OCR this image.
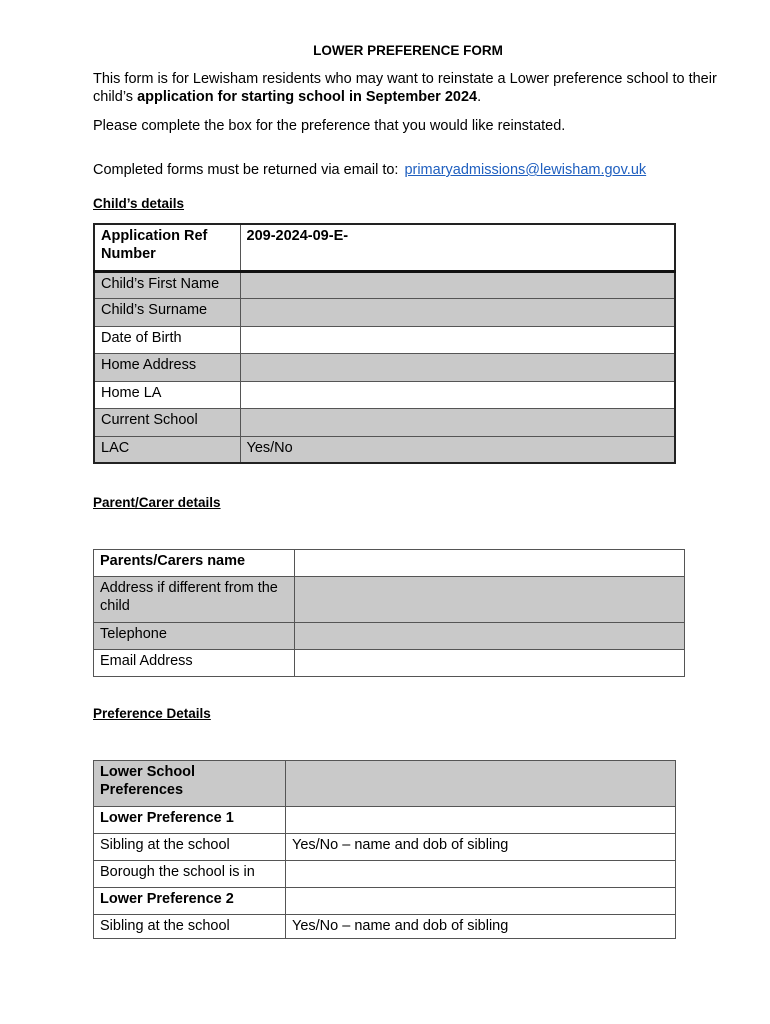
LOWER PREFERENCE FORM
This form is for Lewisham residents who may want to reinstate a Lower preference school to their child’s application for starting school in September 2024.
Please complete the box for the preference that you would like reinstated.
Completed forms must be returned via email to: primaryadmissions@lewisham.gov.uk
Child’s details
Application Ref Number	209-2024-09-E-
Child’s First Name	
Child’s Surname	
Date of Birth	
Home Address	
Home LA	
Current School	
LAC	Yes/No
Parent/Carer details
Parents/Carers name	
Address if different from the child	
Telephone	
Email Address	
Preference Details
Lower School Preferences	
Lower Preference 1	
Sibling at the school	Yes/No – name and dob of sibling
Borough the school is in	
Lower Preference 2	
Sibling at the school	Yes/No – name and dob of sibling
